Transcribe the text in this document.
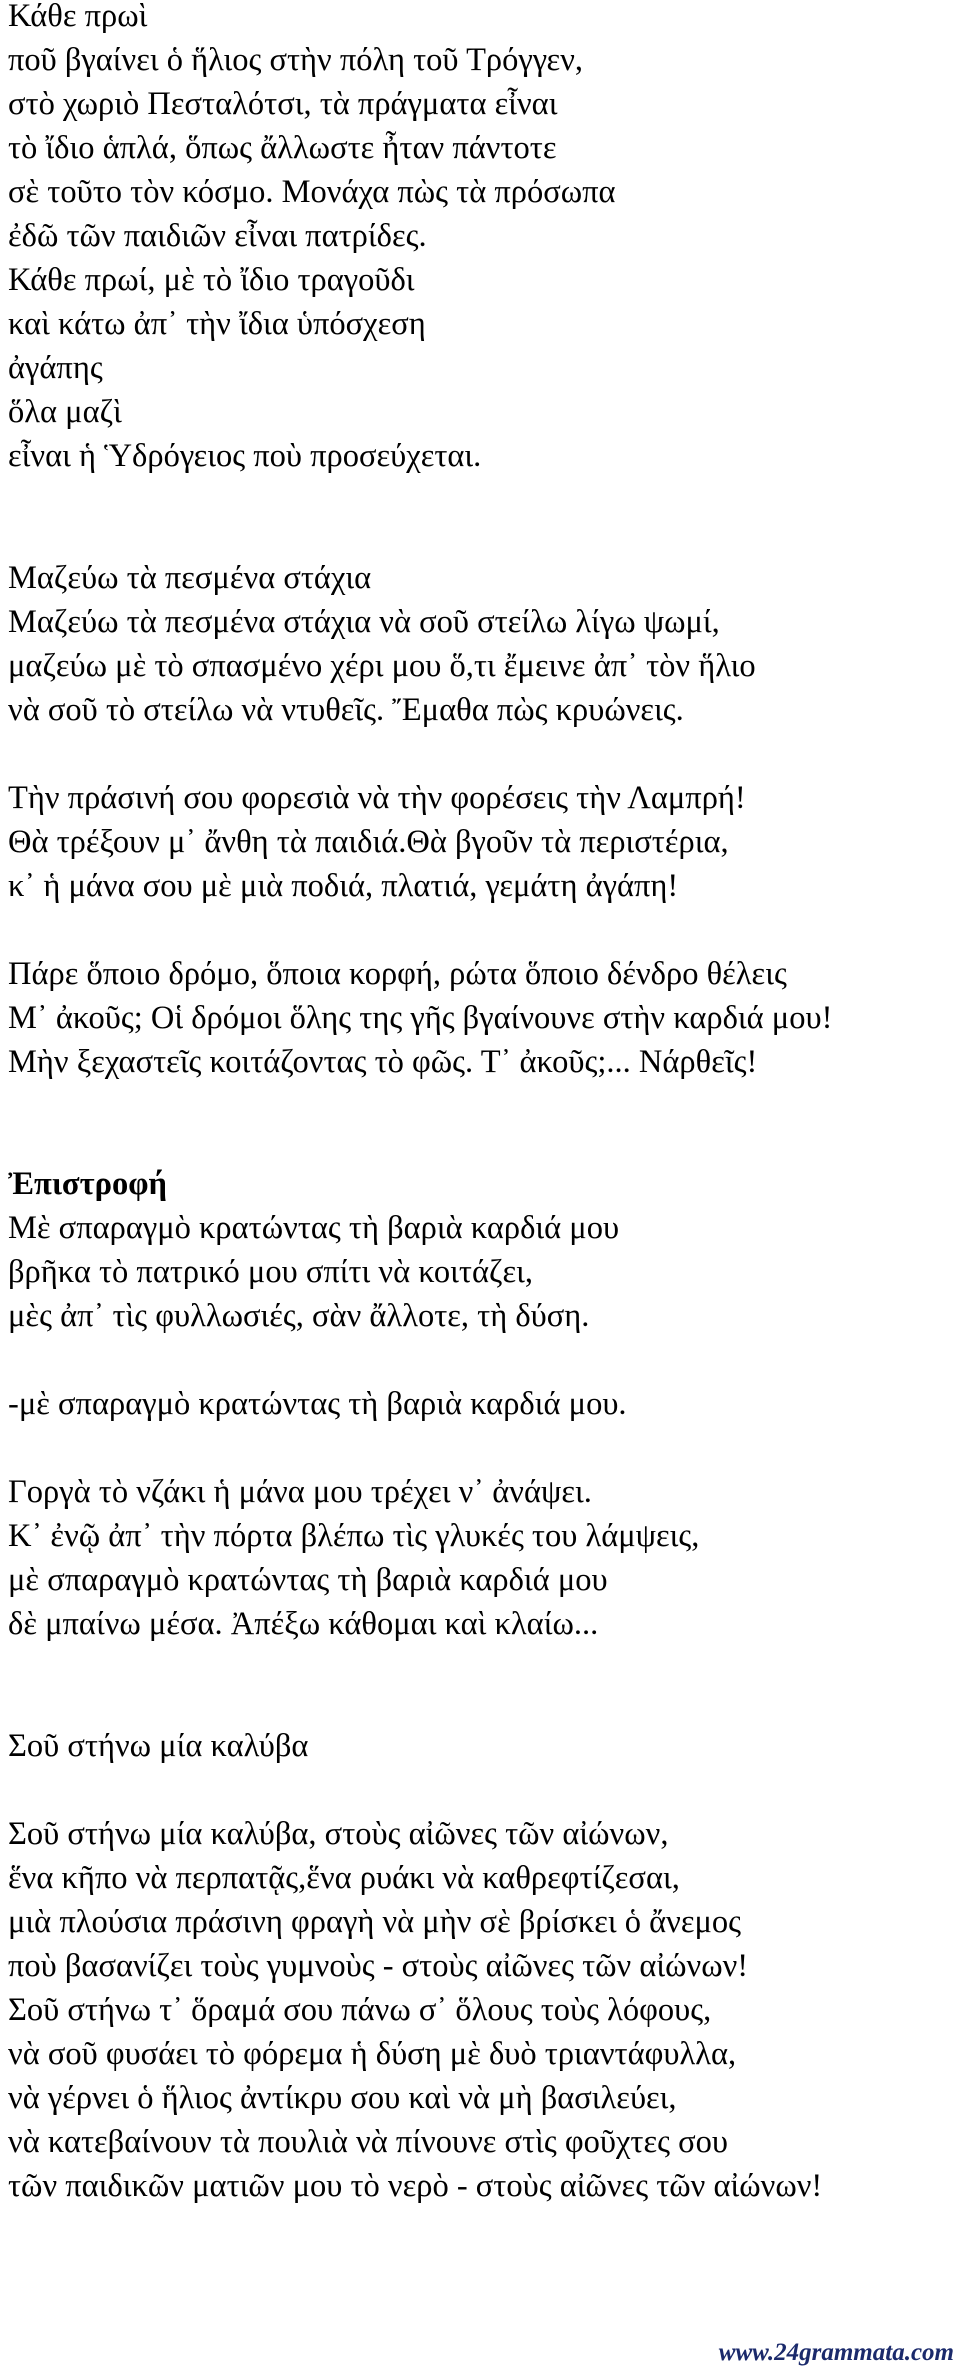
Κάθε πρωὶ
ποῦ βγαίνει ὁ ἥλιος στὴν πόλη τοῦ Τρόγγεν,
στὸ χωριὸ Πεσταλότσι, τὰ πράγματα εἶναι
τὸ ἴδιο ἁπλά, ὅπως ἄλλωστε ἦταν πάντοτε
σὲ τοῦτο τὸν κόσμο. Μονάχα πὼς τὰ πρόσωπα
ἐδῶ τῶν παιδιῶν εἶναι πατρίδες.
Κάθε πρωί, μὲ τὸ ἴδιο τραγοῦδι
καὶ κάτω ἀπ᾿ τὴν ἴδια ὑπόσχεση
ἀγάπης
ὅλα μαζὶ
εἶναι ἡ Ὑδρόγειος ποὺ προσεύχεται.
Μαζεύω τὰ πεσμένα στάχια
Μαζεύω τὰ πεσμένα στάχια νὰ σοῦ στείλω λίγω ψωμί,
μαζεύω μὲ τὸ σπασμένο χέρι μου ὅ,τι ἔμεινε ἀπ᾿ τὸν ἥλιο
νὰ σοῦ τὸ στείλω νὰ ντυθεῖς. Ἔμαθα πὼς κρυώνεις.
Τὴν πράσινή σου φορεσιὰ νὰ τὴν φορέσεις τὴν Λαμπρή!
Θὰ τρέξουν μ᾿ ἄνθη τὰ παιδιά.Θὰ βγοῦν τὰ περιστέρια,
κ᾿ ἡ μάνα σου μὲ μιὰ ποδιά, πλατιά, γεμάτη ἀγάπη!
Πάρε ὅποιο δρόμο, ὅποια κορφή, ρώτα ὅποιο δένδρο θέλεις
Μ᾿ ἀκοῦς; Οἱ δρόμοι ὅλης της γῆς βγαίνουνε στὴν καρδιά μου!
Μὴν ξεχαστεῖς κοιτάζοντας τὸ φῶς. Τ᾿ ἀκοῦς;... Νάρθεῖς!
Ἐπιστροφή
Μὲ σπαραγμὸ κρατώντας τὴ βαριὰ καρδιά μου
βρῆκα τὸ πατρικό μου σπίτι νὰ κοιτάζει,
μὲς ἀπ᾿ τὶς φυλλωσιές, σὰν ἄλλοτε, τὴ δύση.
-μὲ σπαραγμὸ κρατώντας τὴ βαριὰ καρδιά μου.
Γοργὰ τὸ νζάκι ἡ μάνα μου τρέχει ν᾿ ἀνάψει.
Κ᾿ ἐνῷ ἀπ᾿ τὴν πόρτα βλέπω τὶς γλυκές του λάμψεις,
μὲ σπαραγμὸ κρατώντας τὴ βαριὰ καρδιά μου
δὲ μπαίνω μέσα. Ἀπέξω κάθομαι καὶ κλαίω...
Σοῦ στήνω μία καλύβα
Σοῦ στήνω μία καλύβα, στοὺς αἰῶνες τῶν αἰώνων,
ἕνα κῆπο νὰ περπατᾷς,ἕνα ρυάκι νὰ καθρεφτίζεσαι,
μιὰ πλούσια πράσινη φραγὴ νὰ μὴν σὲ βρίσκει ὁ ἄνεμος
ποὺ βασανίζει τοὺς γυμνοὺς - στοὺς αἰῶνες τῶν αἰώνων!
Σοῦ στήνω τ᾿ ὅραμά σου πάνω σ᾿ ὅλους τοὺς λόφους,
νὰ σοῦ φυσάει τὸ φόρεμα ἡ δύση μὲ δυὸ τριαντάφυλλα,
νὰ γέρνει ὁ ἥλιος ἀντίκρυ σου καὶ νὰ μὴ βασιλεύει,
νὰ κατεβαίνουν τὰ πουλιὰ νὰ πίνουνε στὶς φοῦχτες σου
τῶν παιδικῶν ματιῶν μου τὸ νερὸ - στοὺς αἰῶνες τῶν αἰώνων!
www.24grammata.com
